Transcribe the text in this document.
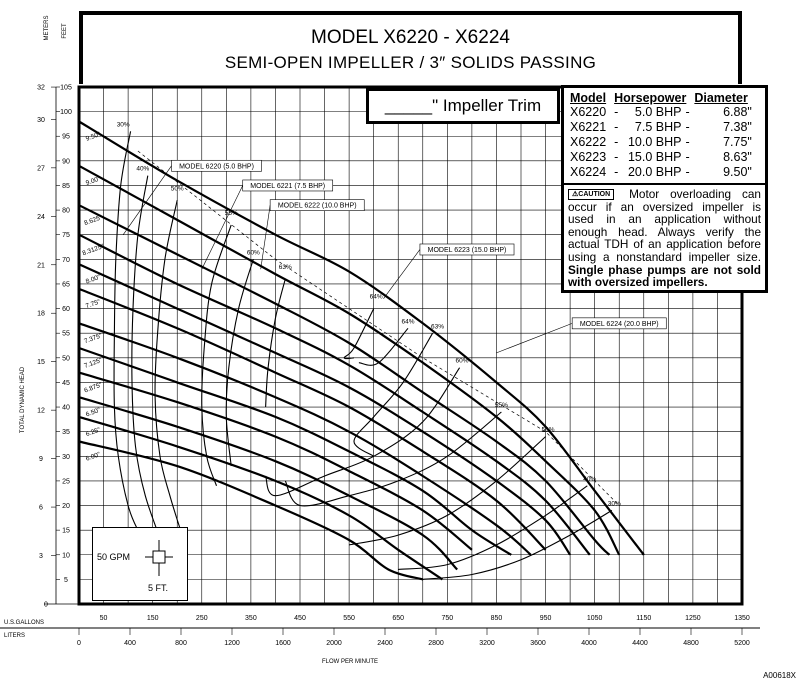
0
5
10
15
20
25
30
35
40
45
50
55
60
65
70
75
80
85
90
95
100
105
3
6
9
12
15
18
21
24
27
30
32
METERS FEET
TOTAL DYNAMIC HEAD
50	150	250	350	450	550	650	750	850	950	1050	1150	1250	1350
U.S.GALLONS
0	400	800	1200	1600	2000	2400	2800	3200	3600	4000	4400	4800	5200
LITERS
FLOW PER MINUTE
30%
40%
50%
55%
60%
63%
64%
64%
63%
60%
55%
50%
40%
30%
9.50"
9.00"
8.625"
8.3125"
8.00"
7.75"
7.375"
7.125"
6.875"
6.50"
6.25"
6.00"
MODEL 6220 (5.0 BHP)
MODEL 6221 (7.5 BHP)
MODEL 6222 (10.0 BHP)
MODEL 6223 (15.0 BHP)
MODEL 6224 (20.0 BHP)
MODEL X6220 - X6224
SEMI-OPEN IMPELLER / 3″ SOLIDS PASSING
_____" Impeller Trim	Model	Horsepower			Diameter
X6220	-	5.0 BHP	-	6.88"
X6221	-	7.5 BHP	-	7.38"
X6222	-	10.0 BHP	-	7.75"
X6223	-	15.0 BHP	-	8.63"
X6224	-	20.0 BHP	-	9.50"
⚠CAUTION Motor overloading can occur if an oversized impeller is used in an application without enough head. Always verify the actual TDH of an application before using a nonstandard impeller size. Single phase pumps are not sold with oversized impellers.
50 GPM
5 FT.
A00618X
